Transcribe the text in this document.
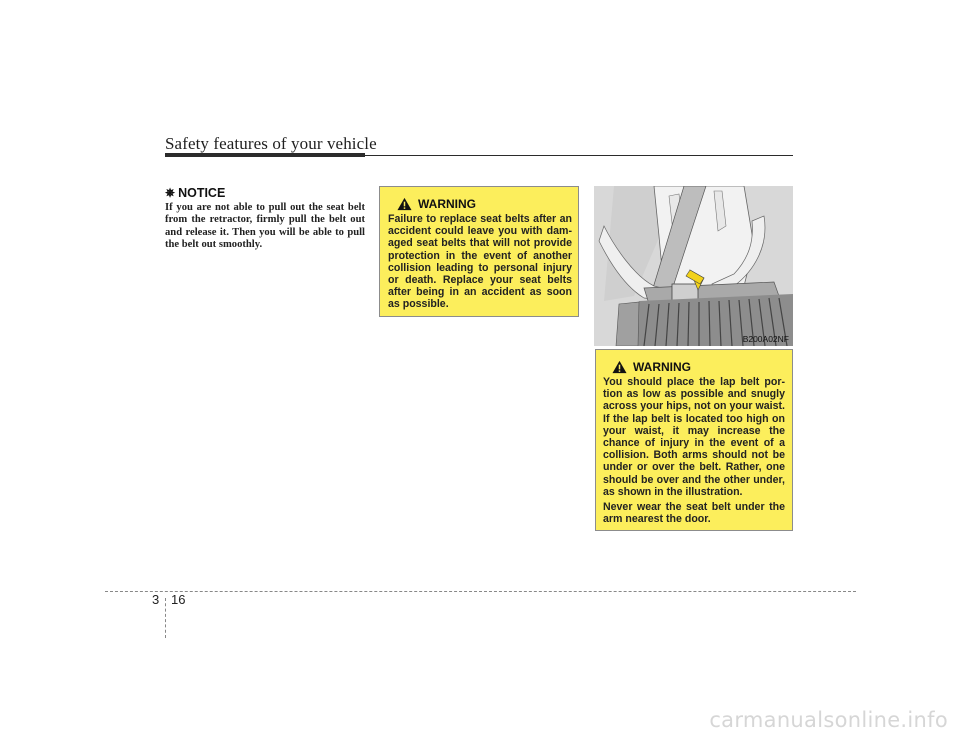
Safety features of your vehicle
✵ NOTICE
If you are not able to pull out the seat belt from the retractor, firmly pull the belt out and release it. Then you will be able to pull the belt out smoothly.
WARNING

Failure to replace seat belts after an accident could leave you with dam-aged seat belts that will not provide protection in the event of another collision leading to personal injury or death. Replace your seat belts after being in an accident as soon as possible.

B200A02NF
WARNING

You should place the lap belt por-tion as low as possible and snugly across your hips, not on your waist. If the lap belt is located too high on your waist, it may increase the chance of injury in the event of a collision. Both arms should not be under or over the belt. Rather, one should be over and the other under, as shown in the illustration.

Never wear the seat belt under the arm nearest the door.

3 16
carmanualsonline.info
